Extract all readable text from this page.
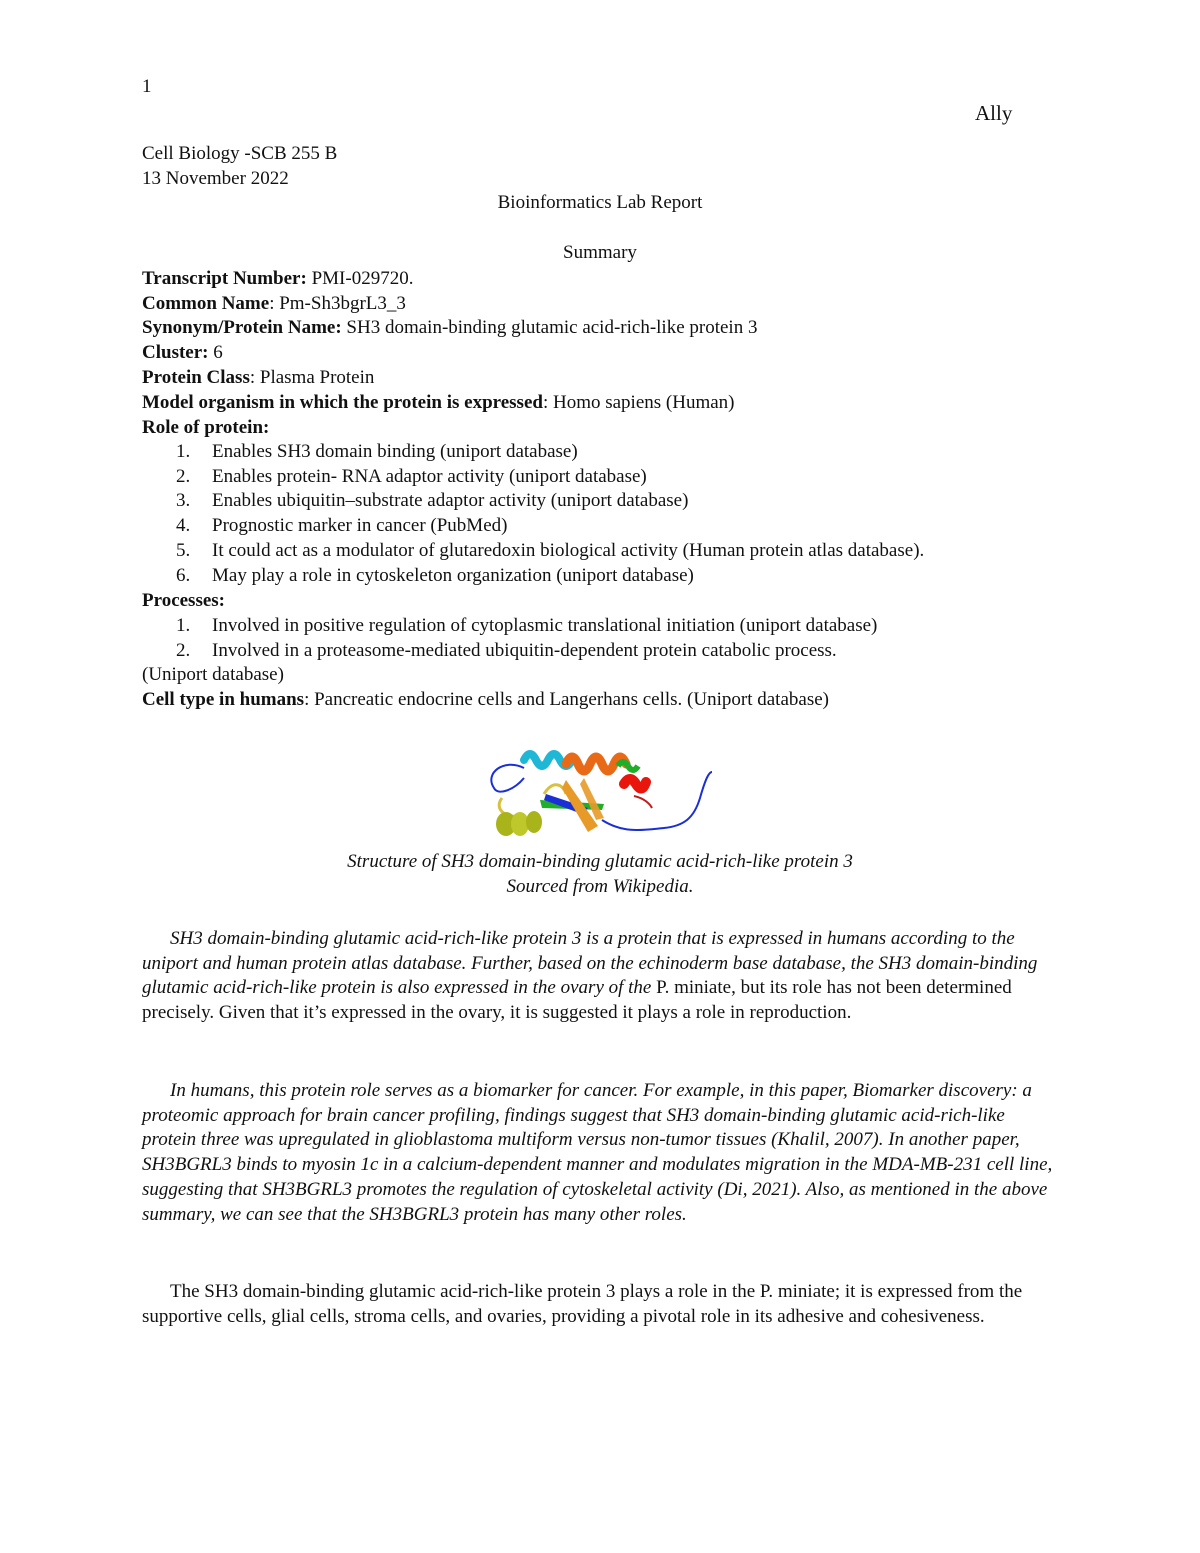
1
Ally
Cell Biology -SCB 255 B
13 November 2022
Bioinformatics Lab Report
Summary
Transcript Number: PMI-029720.
Common Name: Pm-Sh3bgrL3_3
Synonym/Protein Name: SH3 domain-binding glutamic acid-rich-like protein 3
Cluster: 6
Protein Class: Plasma Protein
Model organism in which the protein is expressed: Homo sapiens (Human)
Role of protein:
1. Enables SH3 domain binding (uniport database)
2. Enables protein- RNA adaptor activity (uniport database)
3. Enables ubiquitin–substrate adaptor activity (uniport database)
4. Prognostic marker in cancer (PubMed)
5. It could act as a modulator of glutaredoxin biological activity (Human protein atlas database).
6. May play a role in cytoskeleton organization (uniport database)
Processes:
1. Involved in positive regulation of cytoplasmic translational initiation (uniport database)
2. Involved in a proteasome-mediated ubiquitin-dependent protein catabolic process.
(Uniport database)
Cell type in humans: Pancreatic endocrine cells and Langerhans cells. (Uniport database)
Structure of SH3 domain-binding glutamic acid-rich-like protein 3
Sourced from Wikipedia.

SH3 domain-binding glutamic acid-rich-like protein 3 is a protein that is expressed in humans according to the uniport and human protein atlas database. Further, based on the echinoderm base database, the SH3 domain-binding glutamic acid-rich-like protein is also expressed in the ovary of the P. miniate, but its role has not been determined precisely. Given that it’s expressed in the ovary, it is suggested it plays a role in reproduction.

In humans, this protein role serves as a biomarker for cancer. For example, in this paper, Biomarker discovery: a proteomic approach for brain cancer profiling, findings suggest that SH3 domain-binding glutamic acid-rich-like protein three was upregulated in glioblastoma multiform versus non-tumor tissues (Khalil, 2007). In another paper, SH3BGRL3 binds to myosin 1c in a calcium-dependent manner and modulates migration in the MDA-MB-231 cell line, suggesting that SH3BGRL3 promotes the regulation of cytoskeletal activity (Di, 2021). Also, as mentioned in the above summary, we can see that the SH3BGRL3 protein has many other roles.

The SH3 domain-binding glutamic acid-rich-like protein 3 plays a role in the P. miniate; it is expressed from the supportive cells, glial cells, stroma cells, and ovaries, providing a pivotal role in its adhesive and cohesiveness.
